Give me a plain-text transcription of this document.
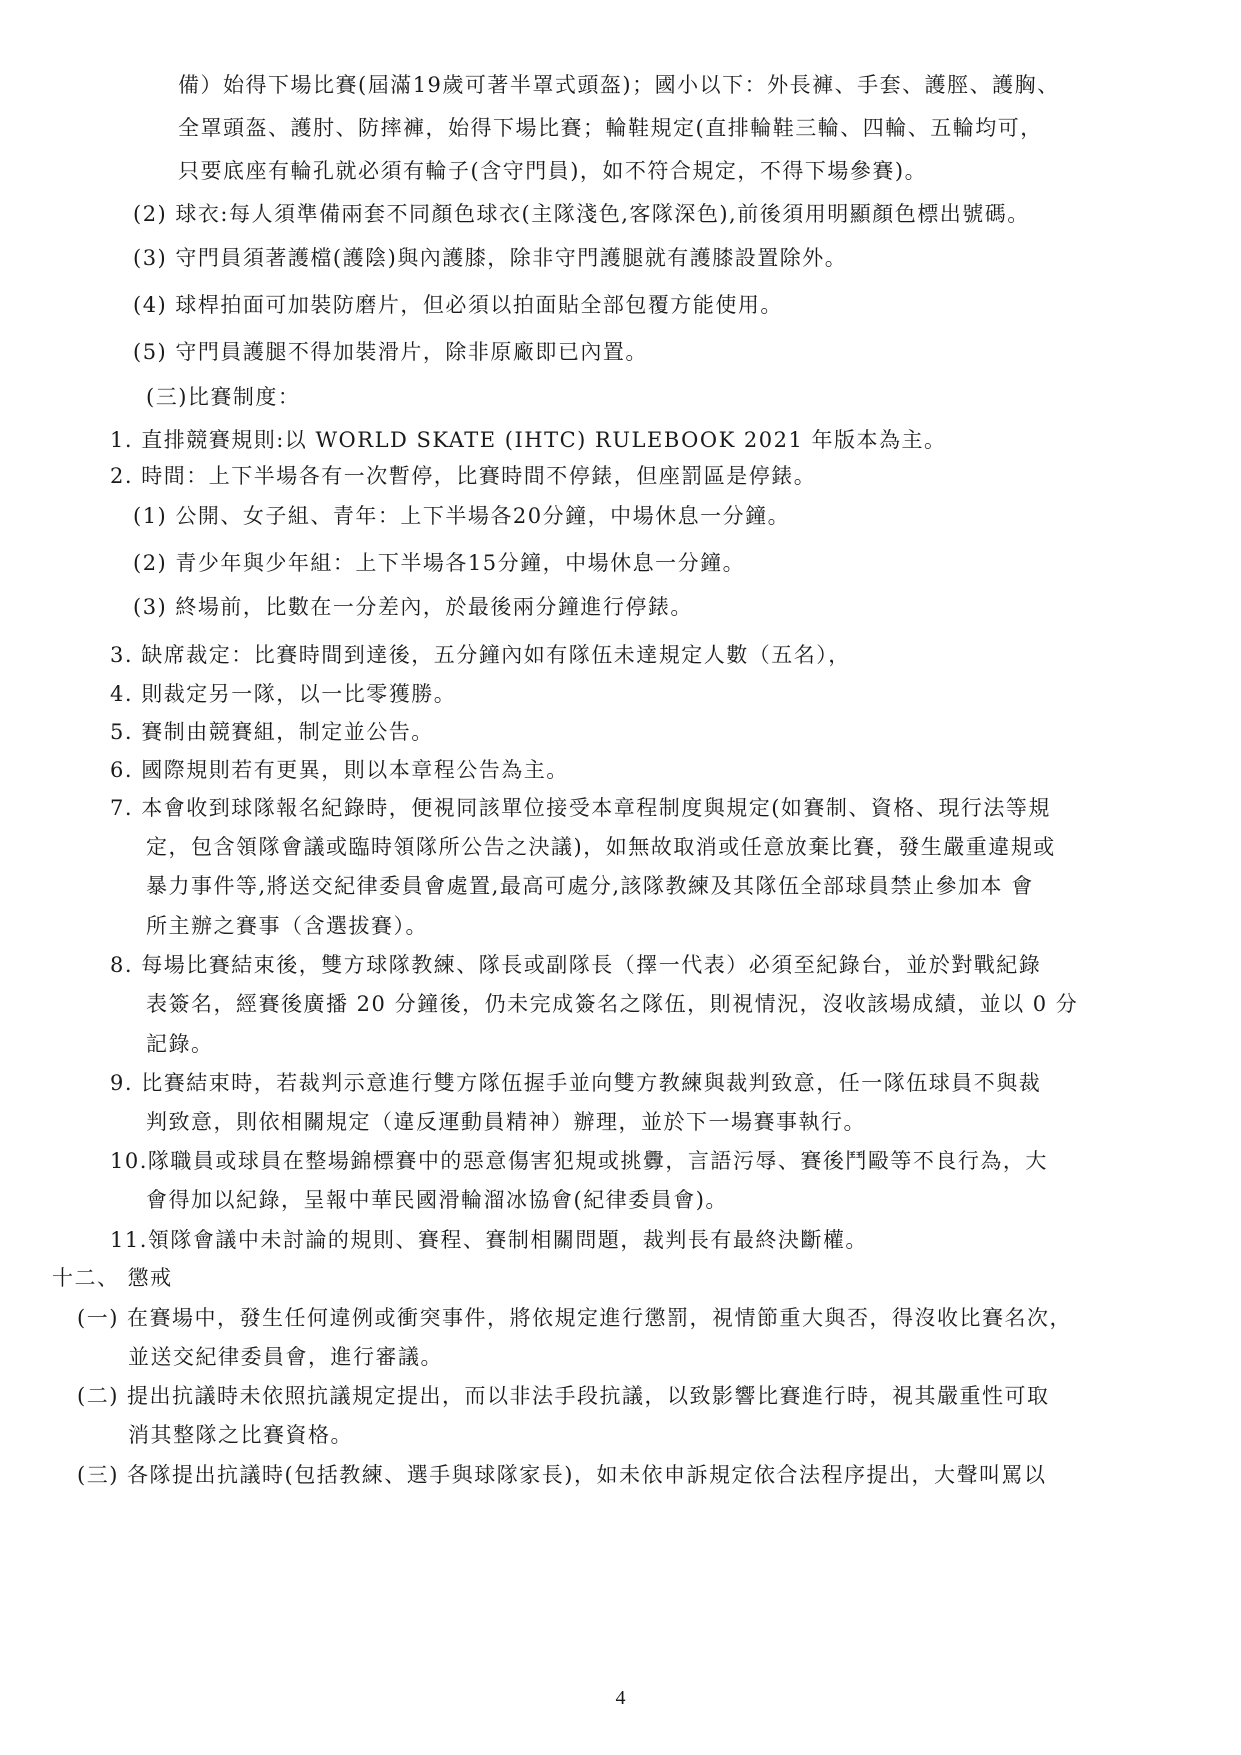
備）始得下場比賽(屆滿19歲可著半罩式頭盔)；國小以下：外長褲、手套、護脛、護胸、
全罩頭盔、護肘、防摔褲，始得下場比賽；輪鞋規定(直排輪鞋三輪、四輪、五輪均可，
只要底座有輪孔就必須有輪子(含守門員)，如不符合規定，不得下場參賽)。
(2) 球衣:每人須準備兩套不同顏色球衣(主隊淺色,客隊深色),前後須用明顯顏色標出號碼。
(3) 守門員須著護檔(護陰)與內護膝，除非守門護腿就有護膝設置除外。
(4) 球桿拍面可加裝防磨片，但必須以拍面貼全部包覆方能使用。
(5) 守門員護腿不得加裝滑片，除非原廠即已內置。
(三)比賽制度：
1. 直排競賽規則:以 WORLD SKATE (IHTC) RULEBOOK 2021 年版本為主。
2. 時間：上下半場各有一次暫停，比賽時間不停錶，但座罰區是停錶。
(1) 公開、女子組、青年：上下半場各20分鐘，中場休息一分鐘。
(2) 青少年與少年組：上下半場各15分鐘，中場休息一分鐘。
(3) 終場前，比數在一分差內，於最後兩分鐘進行停錶。
3. 缺席裁定：比賽時間到達後，五分鐘內如有隊伍未達規定人數（五名），
4. 則裁定另一隊，以一比零獲勝。
5. 賽制由競賽組，制定並公告。
6. 國際規則若有更異，則以本章程公告為主。
7. 本會收到球隊報名紀錄時，便視同該單位接受本章程制度與規定(如賽制、資格、現行法等規
定，包含領隊會議或臨時領隊所公告之決議)，如無故取消或任意放棄比賽，發生嚴重違規或
暴力事件等,將送交紀律委員會處置,最高可處分,該隊教練及其隊伍全部球員禁止參加本 會
所主辦之賽事（含選拔賽）。
8. 每場比賽結束後，雙方球隊教練、隊長或副隊長（擇一代表）必須至紀錄台，並於對戰紀錄
表簽名，經賽後廣播 20 分鐘後，仍未完成簽名之隊伍，則視情況，沒收該場成績，並以 0 分
記錄。
9. 比賽結束時，若裁判示意進行雙方隊伍握手並向雙方教練與裁判致意，任一隊伍球員不與裁
判致意，則依相關規定（違反運動員精神）辦理，並於下一場賽事執行。
10.隊職員或球員在整場錦標賽中的惡意傷害犯規或挑釁，言語污辱、賽後鬥毆等不良行為，大
會得加以紀錄，呈報中華民國滑輪溜冰協會(紀律委員會)。
11.領隊會議中未討論的規則、賽程、賽制相關問題，裁判長有最終決斷權。
十二、 懲戒
(一) 在賽場中，發生任何違例或衝突事件，將依規定進行懲罰，視情節重大與否，得沒收比賽名次，
並送交紀律委員會，進行審議。
(二) 提出抗議時未依照抗議規定提出，而以非法手段抗議，以致影響比賽進行時，視其嚴重性可取
消其整隊之比賽資格。
(三) 各隊提出抗議時(包括教練、選手與球隊家長)，如未依申訴規定依合法程序提出，大聲叫罵以
4
